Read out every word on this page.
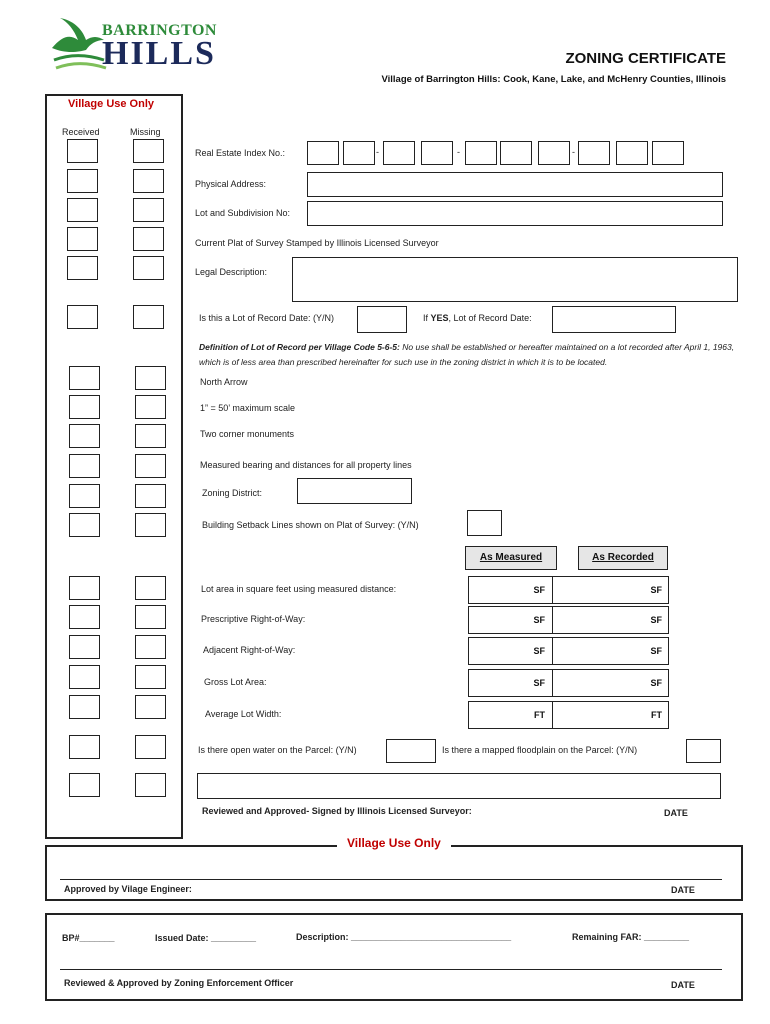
BARRINGTON
HILLS	ZONING CERTIFICATE
Village of Barrington Hills: Cook, Kane, Lake, and McHenry Counties, Illinois
Village Use Only
Received	Missing
Real Estate Index No.:	-	-	-
Physical Address:
Lot and Subdivision No:
Current Plat of Survey Stamped by Illinois Licensed Surveyor
Legal Description:
Is this a Lot of Record Date: (Y/N)	If YES, Lot of Record Date:
Definition of Lot of Record per Village Code 5-6-5: No use shall be established or hereafter maintained on a lot recorded after April 1, 1963, which is of less area than prescribed hereinafter for such use in the zoning district in which it is to be located.
North Arrow
1” = 50’ maximum scale
Two corner monuments
Measured bearing and distances for all property lines
Zoning District:
Building Setback Lines shown on Plat of Survey: (Y/N)
As Measured	As Recorded
Lot area in square feet using measured distance:	SF	SF
Prescriptive Right-of-Way:	SF	SF
Adjacent Right-of-Way:	SF	SF
Gross Lot Area:	SF	SF
Average Lot Width:	FT	FT
Is there open water on the Parcel: (Y/N)	Is there a mapped floodplain on the Parcel: (Y/N)
Reviewed and Approved- Signed by Illinois Licensed Surveyor:	DATE
Village Use Only
Approved by Vilage Engineer:	DATE
BP#_______	Issued Date: _________	Description: ________________________________	Remaining FAR: _________
Reviewed & Approved by Zoning Enforcement Officer	DATE
